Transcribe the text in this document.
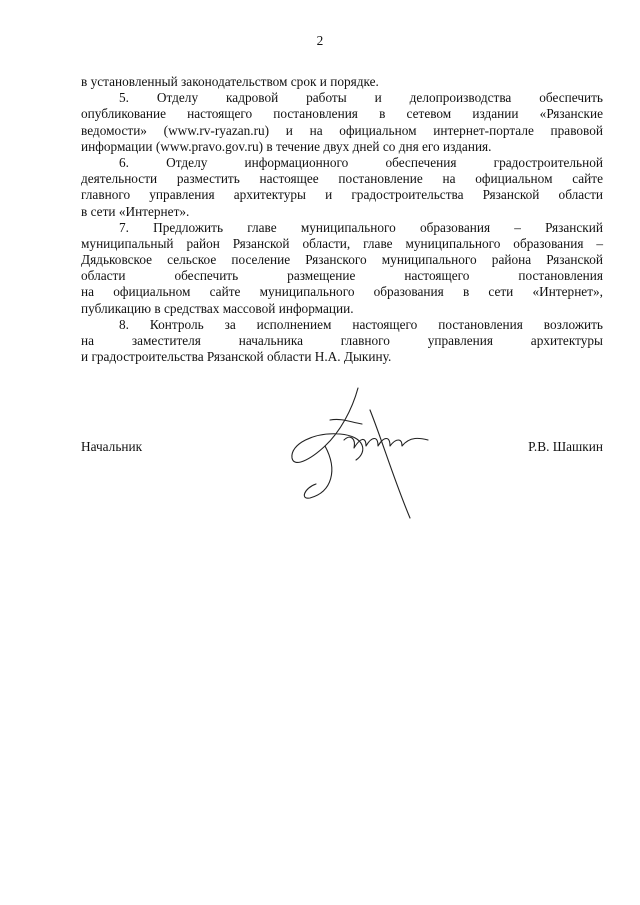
2
в установленный законодательством срок и порядке.
5. Отделу кадровой работы и делопроизводства обеспечить
опубликование настоящего постановления в сетевом издании «Рязанские
ведомости» (www.rv-ryazan.ru) и на официальном интернет-портале правовой
информации (www.pravo.gov.ru) в течение двух дней со дня его издания.
6. Отделу информационного обеспечения градостроительной
деятельности разместить настоящее постановление на официальном сайте
главного управления архитектуры и градостроительства Рязанской области
в сети «Интернет».
7. Предложить главе муниципального образования – Рязанский
муниципальный район Рязанской области, главе муниципального образования –
Дядьковское сельское поселение Рязанского муниципального района Рязанской
области обеспечить размещение настоящего постановления
на официальном сайте муниципального образования в сети «Интернет»,
публикацию в средствах массовой информации.
8. Контроль за исполнением настоящего постановления возложить
на заместителя начальника главного управления архитектуры
и градостроительства Рязанской области Н.А. Дыкину.
Начальник	Р.В. Шашкин
